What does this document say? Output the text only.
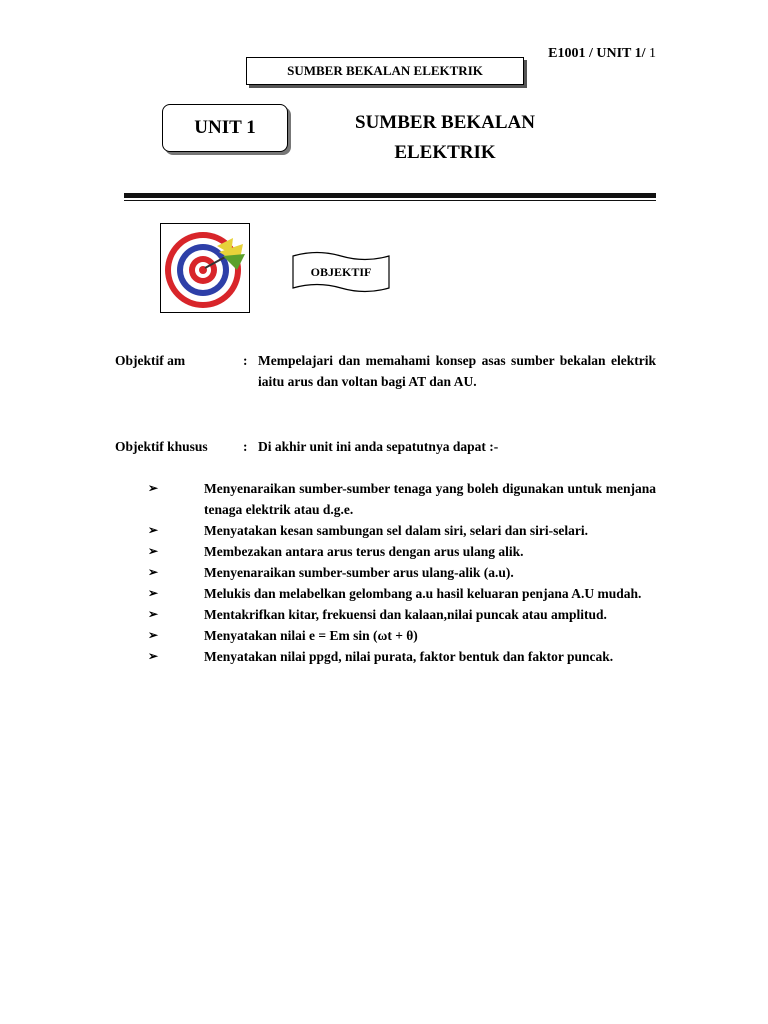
E1001 / UNIT 1/ 1
SUMBER BEKALAN ELEKTRIK
UNIT 1	SUMBER BEKALAN
ELEKTRIK
OBJEKTIF
Objektif am	: Mempelajari dan memahami konsep asas sumber bekalan elektrik iaitu arus dan voltan bagi AT dan AU.
Objektif khusus	: Di akhir unit ini anda sepatutnya dapat :-
➢	Menyenaraikan sumber-sumber tenaga yang boleh digunakan untuk menjana tenaga elektrik atau d.g.e.
➢	Menyatakan kesan sambungan sel dalam siri, selari dan siri-selari.
➢	Membezakan antara arus terus dengan arus ulang alik.
➢	Menyenaraikan sumber-sumber arus ulang-alik (a.u).
➢	Melukis dan melabelkan gelombang a.u hasil keluaran penjana A.U mudah.
➢	Mentakrifkan kitar, frekuensi dan kalaan,nilai puncak atau amplitud.
➢	Menyatakan nilai e = Em sin (ωt + θ)
➢	Menyatakan nilai ppgd, nilai purata, faktor bentuk dan faktor puncak.
